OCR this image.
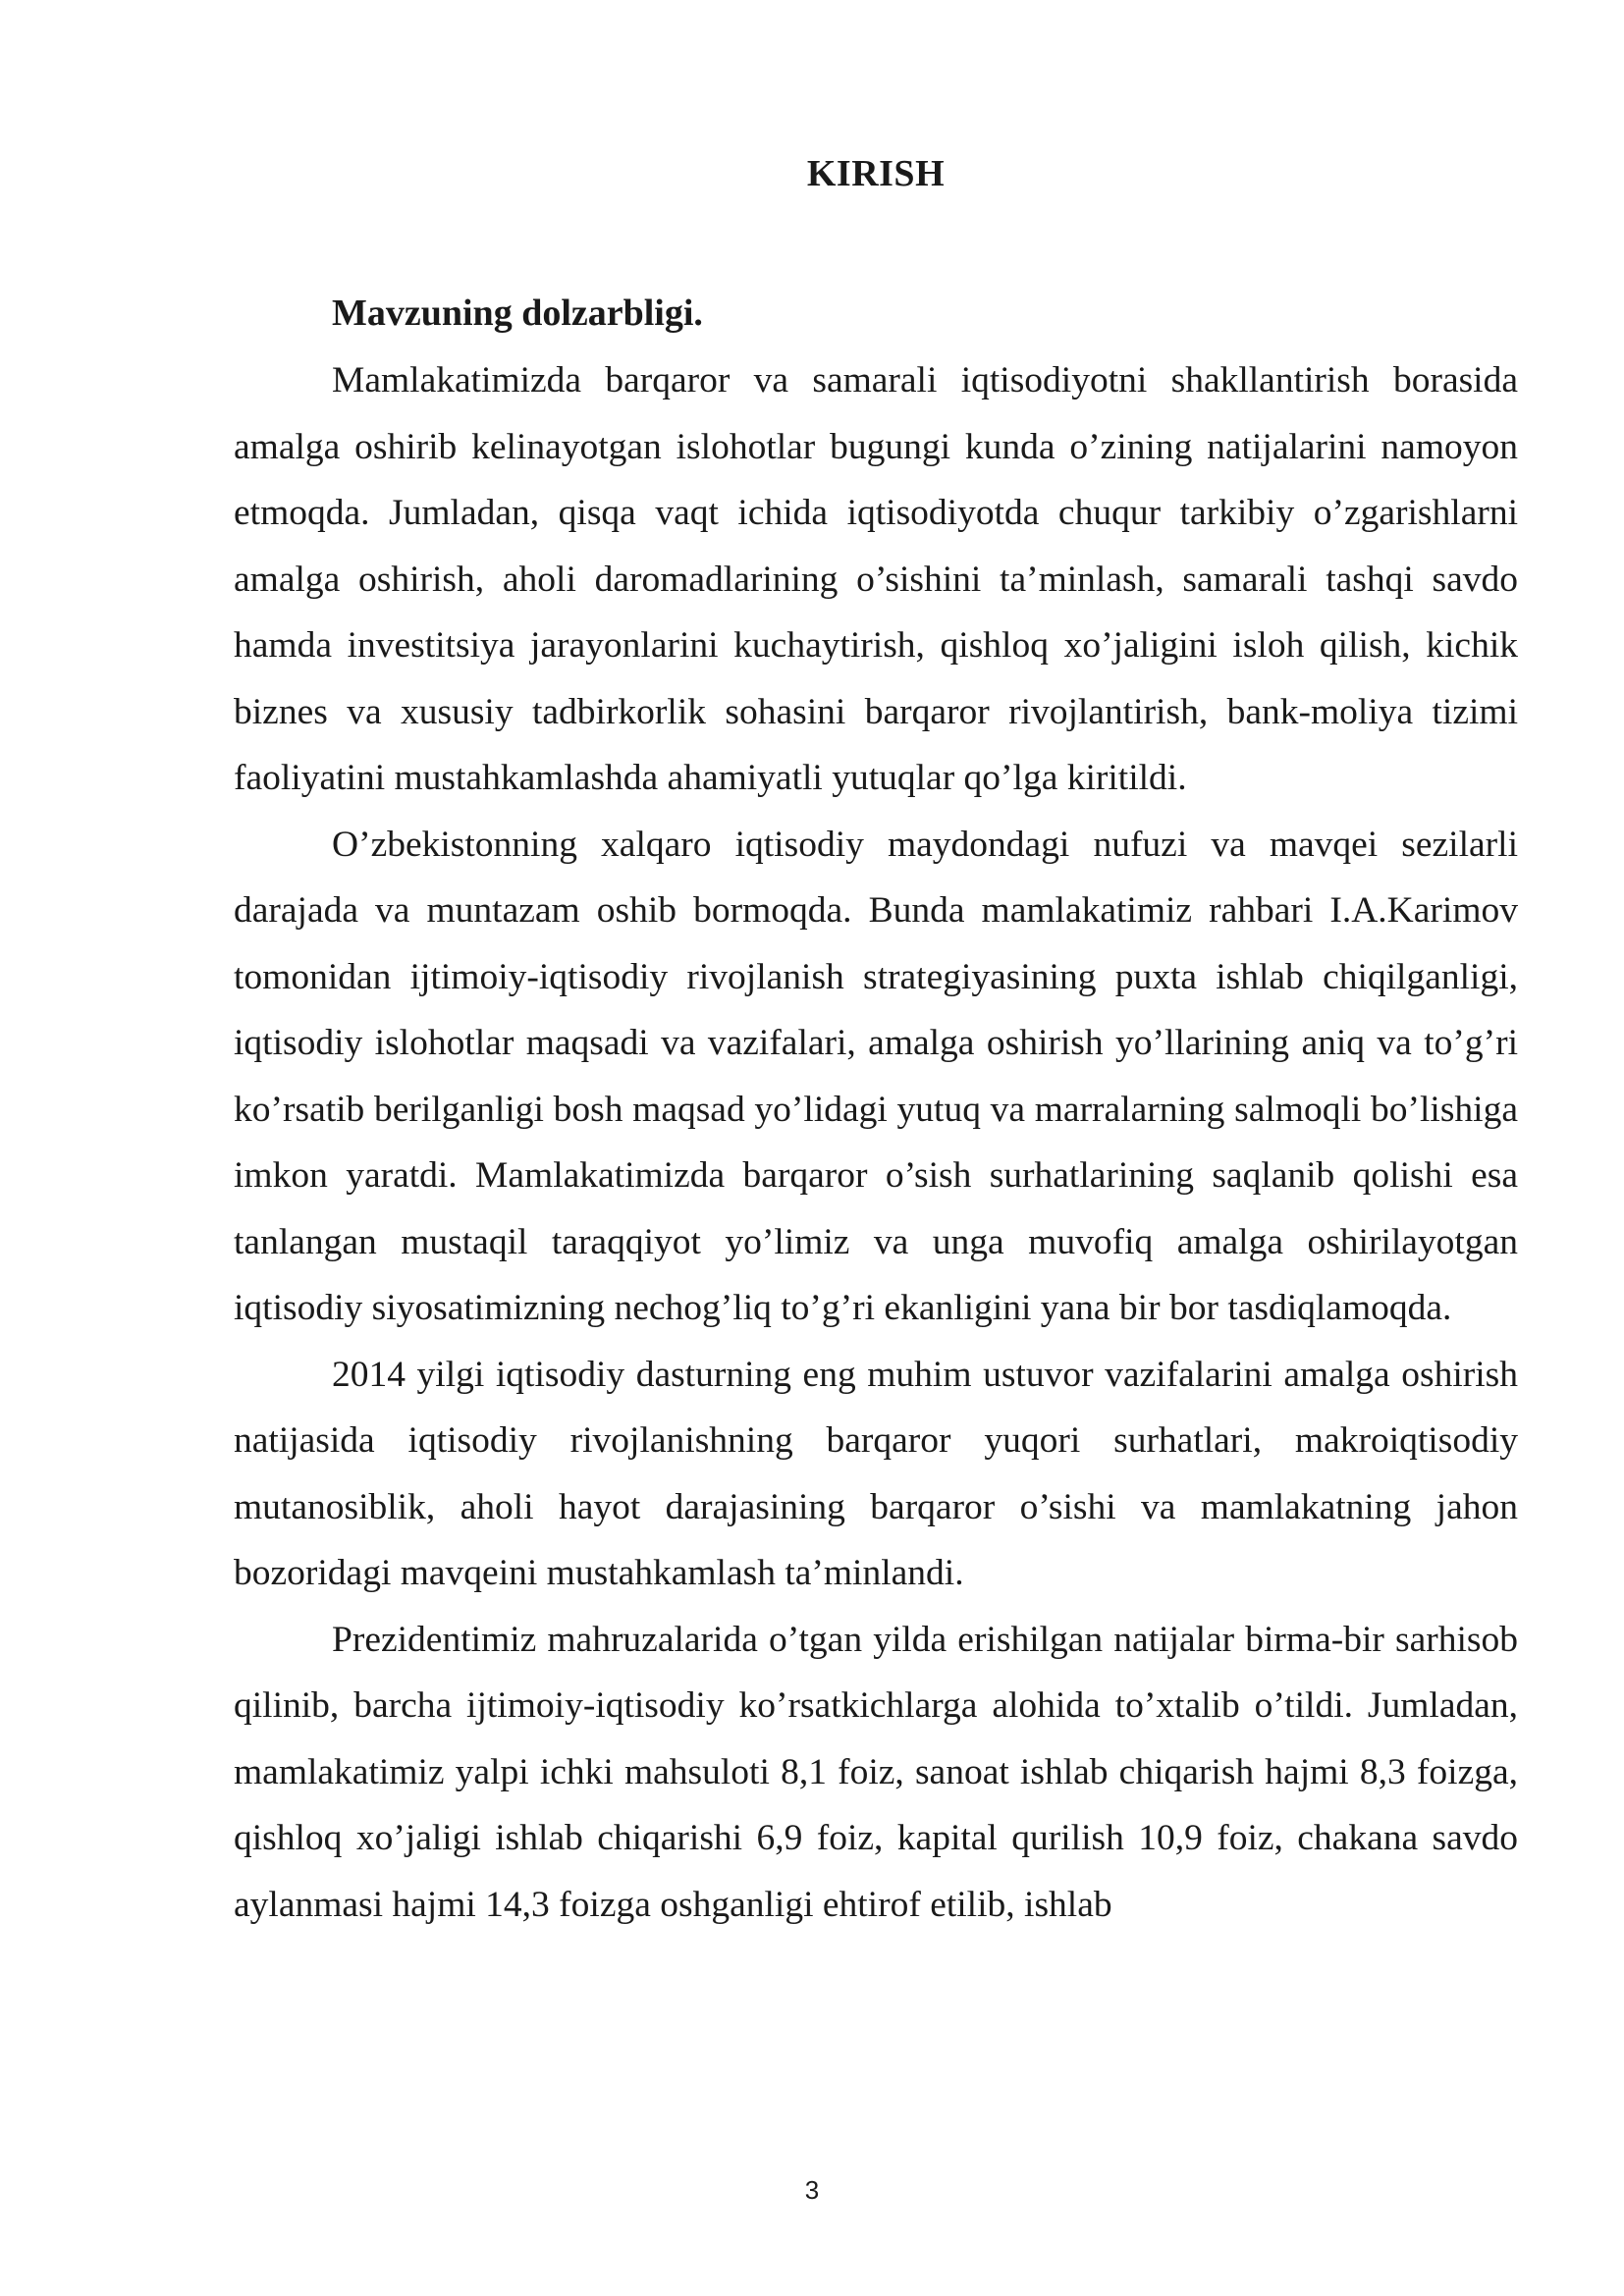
KIRISH
Mavzuning dolzarbligi.

Mamlakatimizda barqaror va samarali iqtisodiyotni shakllantirish borasida amalga oshirib kelinayotgan islohotlar bugungi kunda o’zining natijalarini namoyon etmoqda. Jumladan, qisqa vaqt ichida iqtisodiyotda chuqur tarkibiy o’zgarishlarni amalga oshirish, aholi daromadlarining o’sishini ta’minlash, samarali tashqi savdo hamda investitsiya jarayonlarini kuchaytirish, qishloq xo’jaligini isloh qilish, kichik biznes va xususiy tadbirkorlik sohasini barqaror rivojlantirish, bank-moliya tizimi faoliyatini mustahkamlashda ahamiyatli yutuqlar qo’lga kiritildi.

O’zbekistonning xalqaro iqtisodiy maydondagi nufuzi va mavqei sezilarli darajada va muntazam oshib bormoqda. Bunda mamlakatimiz rahbari I.A.Karimov tomonidan ijtimoiy-iqtisodiy rivojlanish strategiyasining puxta ishlab chiqilganligi, iqtisodiy islohotlar maqsadi va vazifalari, amalga oshirish yo’llarining aniq va to’g’ri ko’rsatib berilganligi bosh maqsad yo’lidagi yutuq va marralarning salmoqli bo’lishiga imkon yaratdi. Mamlakatimizda barqaror o’sish surhatlarining saqlanib qolishi esa tanlangan mustaqil taraqqiyot yo’limiz va unga muvofiq amalga oshirilayotgan iqtisodiy siyosatimizning nechog’liq to’g’ri ekanligini yana bir bor tasdiqlamoqda.

2014 yilgi iqtisodiy dasturning eng muhim ustuvor vazifalarini amalga oshirish natijasida iqtisodiy rivojlanishning barqaror yuqori surhatlari, makroiqtisodiy mutanosiblik, aholi hayot darajasining barqaror o’sishi va mamlakatning jahon bozoridagi mavqeini mustahkamlash ta’minlandi.

Prezidentimiz mahruzalarida o’tgan yilda erishilgan natijalar birma-bir sarhisob qilinib, barcha ijtimoiy-iqtisodiy ko’rsatkichlarga alohida to’xtalib o’tildi. Jumladan, mamlakatimiz yalpi ichki mahsuloti 8,1 foiz, sanoat ishlab chiqarish hajmi 8,3 foizga, qishloq xo’jaligi ishlab chiqarishi 6,9 foiz, kapital qurilish 10,9 foiz, chakana savdo aylanmasi hajmi 14,3 foizga oshganligi ehtirof etilib, ishlab

3
